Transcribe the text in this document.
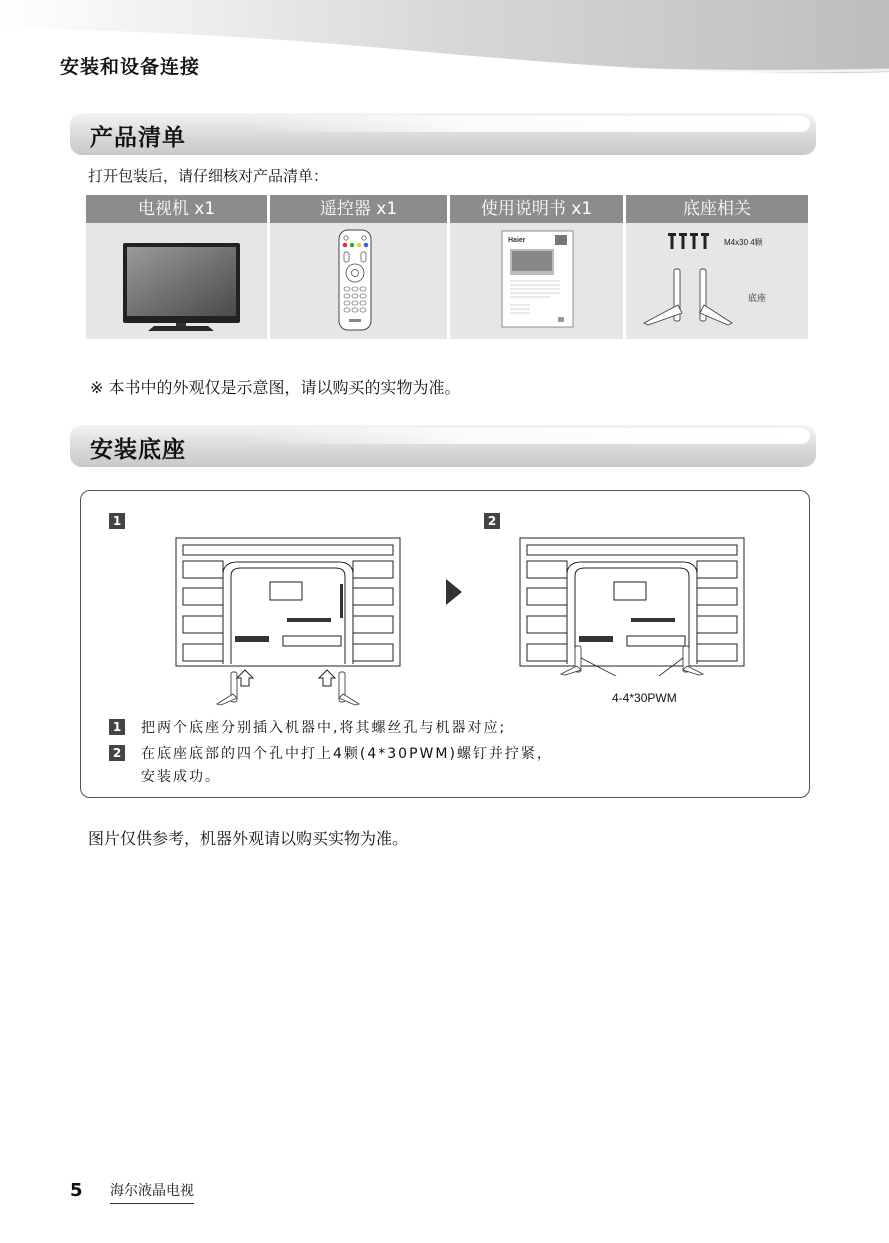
安装和设备连接
产品清单
打开包装后，请仔细核对产品清单：
电视机 x1	遥控器 x1	使用说明书 x1
Haier
底座相关
M4x30 4颗
底座
※ 本书中的外观仅是示意图，请以购买的实物为准。
安装底座
1	2
4-4*30PWM
1 把两个底座分别插入机器中,将其螺丝孔与机器对应;
2 在底座底部的四个孔中打上4颗(4*30PWM)螺钉并拧紧，
安装成功。
图片仅供参考，机器外观请以购买实物为准。
5 海尔液晶电视
